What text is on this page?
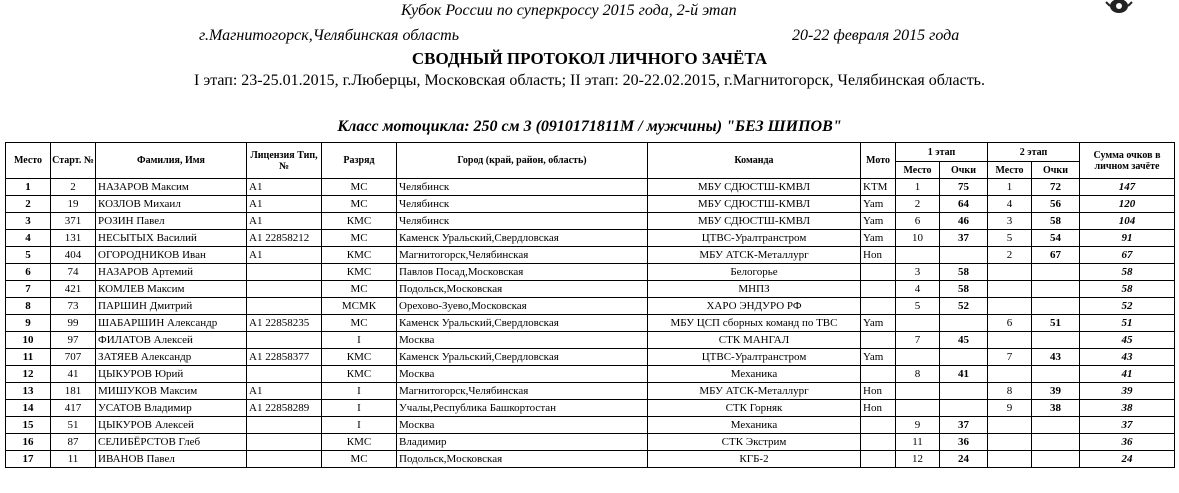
Кубок России по суперкроссу 2015 года, 2-й этап
г.Магнитогорск,Челябинская область	20-22 февраля 2015 года
СВОДНЫЙ ПРОТОКОЛ ЛИЧНОГО ЗАЧЁТА
I этап: 23-25.01.2015, г.Люберцы, Московская область; II этап: 20-22.02.2015, г.Магнитогорск, Челябинская область.
Класс мотоцикла: 250 см 3 (0910171811М / мужчины) "БЕЗ ШИПОВ"
Место	Старт. №	Фамилия, Имя	Лицензия Тип, №	Разряд	Город (край, район, область)	Команда	Мото	1 этап		2 этап		Сумма очков в личном зачёте
								Место	Очки	Место	Очки	
1	2	НАЗАРОВ Максим	А1	МС	Челябинск	МБУ СДЮСТШ-КМВЛ	KTM	1	75	1	72	147
2	19	КОЗЛОВ Михаил	А1	МС	Челябинск	МБУ СДЮСТШ-КМВЛ	Yam	2	64	4	56	120
3	371	РОЗИН Павел	А1	КМС	Челябинск	МБУ СДЮСТШ-КМВЛ	Yam	6	46	3	58	104
4	131	НЕСЫТЫХ Василий	А1 22858212	МС	Каменск Уральский,Свердловская	ЦТВС-Уралтранстром	Yam	10	37	5	54	91
5	404	ОГОРОДНИКОВ Иван	А1	КМС	Магнитогорск,Челябинская	МБУ АТСК-Металлург	Hon			2	67	67
6	74	НАЗАРОВ Артемий		КМС	Павлов Посад,Московская	Белогорье		3	58			58
7	421	КОМЛЕВ Максим		МС	Подольск,Московская	МНПЗ		4	58			58
8	73	ПАРШИН Дмитрий		МСМК	Орехово-Зуево,Московская	ХАРО ЭНДУРО РФ		5	52			52
9	99	ШАБАРШИН Александр	А1 22858235	МС	Каменск Уральский,Свердловская	МБУ ЦСП сборных команд по ТВС	Yam			6	51	51
10	97	ФИЛАТОВ Алексей		I	Москва	СТК МАНГАЛ		7	45			45
11	707	ЗАТЯЕВ Александр	А1 22858377	КМС	Каменск Уральский,Свердловская	ЦТВС-Уралтранстром	Yam			7	43	43
12	41	ЦЫКУРОВ Юрий		КМС	Москва	Механика		8	41			41
13	181	МИШУКОВ Максим	А1	I	Магнитогорск,Челябинская	МБУ АТСК-Металлург	Hon			8	39	39
14	417	УСАТОВ Владимир	А1 22858289	I	Учалы,Республика Башкортостан	СТК Горняк	Hon			9	38	38
15	51	ЦЫКУРОВ Алексей		I	Москва	Механика		9	37			37
16	87	СЕЛИБЁРСТОВ Глеб		КМС	Владимир	СТК Экстрим		11	36			36
17	11	ИВАНОВ Павел		МС	Подольск,Московская	КГБ-2		12	24			24
